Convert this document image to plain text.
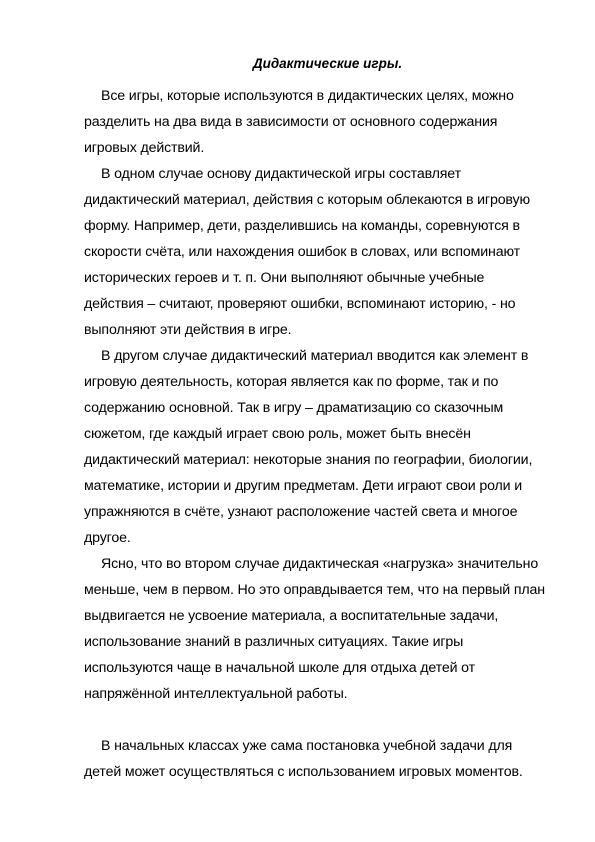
Дидактические игры.
Все игры, которые используются в дидактических целях, можно
разделить на два вида в зависимости от основного содержания
игровых действий.
В одном случае основу дидактической игры составляет
дидактический материал, действия с которым облекаются в игровую
форму. Например, дети, разделившись на команды, соревнуются в
скорости счёта, или нахождения ошибок в словах, или вспоминают
исторических героев и т. п. Они выполняют обычные учебные
действия – считают, проверяют ошибки, вспоминают историю, - но
выполняют эти действия в игре.
В другом случае дидактический материал вводится как элемент в
игровую деятельность, которая является как по форме, так и по
содержанию основной. Так в игру – драматизацию со сказочным
сюжетом, где каждый играет свою роль, может быть внесён
дидактический материал: некоторые знания по географии, биологии,
математике, истории и другим предметам. Дети играют свои роли и
упражняются в счёте, узнают расположение частей света и многое
другое.
Ясно, что во втором случае дидактическая «нагрузка» значительно
меньше, чем в первом. Но это оправдывается тем, что на первый план
выдвигается не усвоение материала, а воспитательные задачи,
использование знаний в различных ситуациях. Такие игры
используются чаще в начальной школе для отдыха детей от
напряжённой интеллектуальной работы.
В начальных классах уже сама постановка учебной задачи для
детей может осуществляться с использованием игровых моментов.
